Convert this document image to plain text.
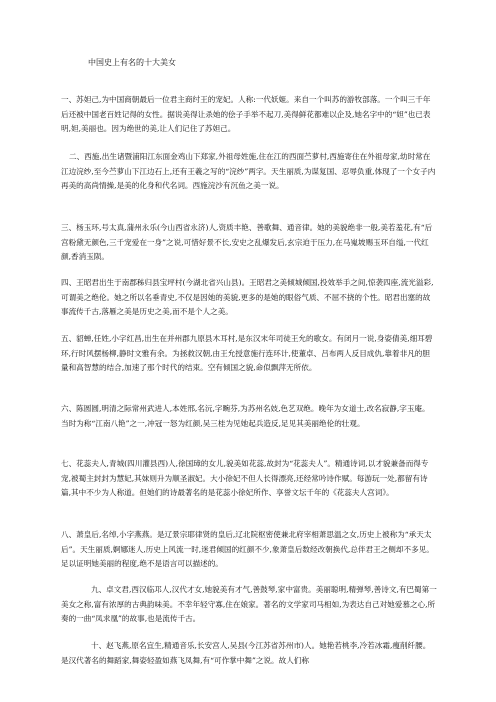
中国史上有名的十大美女

一、苏妲己,为中国商朝最后一位君主商纣王的宠妃。人称:一代妖姬。来自一个叫苏的游牧部落。一个叫三千年后还被中国老百姓记得的女性。据说美得让杀她的侩子手举不起刀,美得鲜花都难以企及,她名字中的“妲”也已表明,妲,美丽也。因为绝世的美,让人们记住了苏妲己。

二、西施,出生诸暨浦阳江东面金鸡山下郑家,外祖母姓施,住在江的西面苎萝村,西施寄住在外祖母家,幼时常在江边浣纱,至今苎萝山下江边石上,还有王羲之写的“浣纱”两字。天生丽质,为谋复国、忍辱负重,体现了一个女子内再美的高尚情操,是美的化身和代名词。西施浣沙有沉鱼之美一说。

三、杨玉环,号太真,蒲州永乐(今山西省永济)人,资质丰艳、善歌舞、通音律。她的美貌绝非一般,美若羞花,有“后宫粉黛无颜色,三千宠爱在一身”之说,可惜好景不长,安史之乱爆发后,玄宗迫于压力,在马嵬坡赐玉环自缢,一代红颜,香消玉陨。

四、王昭君出生于南郡秭归县宝坪村(今湖北省兴山县)。王昭君之美倾城倾国,投效举手之间,惊袭四座,流光溢彩,可谓美之绝伦。她之所以名垂青史,不仅是因她的美貌,更多的是她的眼俗气质、不屈不挠的个性。昭君出塞的故事流传千古,落雁之美是历史之美,而不是个人之美。

五、貂蝉,任姓,小字红昌,出生在并州郡九原县木耳村,是东汉末年司徒王允的歌女。有闭月一说,身姿倩美,细耳碧环,行时风摆杨柳,静时文雅有余。为拯救汉朝,由王允授意施行连环计,使董卓、吕布两人反目成仇,靠着非凡的胆量和高智慧的结合,加速了那个时代的结束。空有倾国之貌,命似飘萍无所依。

六、陈圆圆,明清之际常州武进人,本姓邢,名沅,字畹芬,为苏州名妓,色艺双绝。晚年为女道士,改名寂静,字玉庵。当时为称“江南八艳”之一,冲冠一怒为红颜,吴三桂为见她起兵造反,足见其美丽绝伦的壮观。

七、花蕊夫人,青城(四川灌县西)人,徐国璋的女儿,貌美如花蕊,故封为“花蕊夫人”。精通诗词,以才貌兼备而得专宠,被蜀主封封为慧妃,其妹则升为顺圣淑妃。大小徐妃不但人长得漂亮,还经常吟诗作赋。每游玩一处,都留有诗篇,其中不少为人称道。但她们的诗最著名的是花蕊小徐妃所作、享誉文坛千年的《花蕊夫人宫词》。

八、萧皇后,名绰,小字燕燕。是辽景宗耶律贤的皇后,辽北院枢密使兼北府宰相萧思温之女,历史上被称为“承天太后”。天生丽质,婀娜迷人,历史上风流一时,迷君倾国的红颜不少,象萧皇后数经改朝换代,总伴君王之侧却不多见。足以证明她美丽的程度,绝不是语言可以描述的。

九、卓文君,西汉临邛人,汉代才女,她貌美有才气,善鼓琴,家中富贵。美丽聪明,精弹琴,善诗文,有巴蜀第一美女之称,富有浓厚的古典韵味美。不幸年轻守寡,住在娘家。著名的文学家司马相如,为表达自己对她爱慕之心,所奏的一曲“凤求凰”的故事,也是流传千古。

十、赵飞燕,原名宜生,精通音乐,长安宫人,吴县(今江苏省苏州市)人。她艳若桃李,冷若冰霜,瘦削纤腰。是汉代著名的舞蹈家,舞姿轻盈如燕飞凤舞,有“可作掌中舞”之说。故人们称
